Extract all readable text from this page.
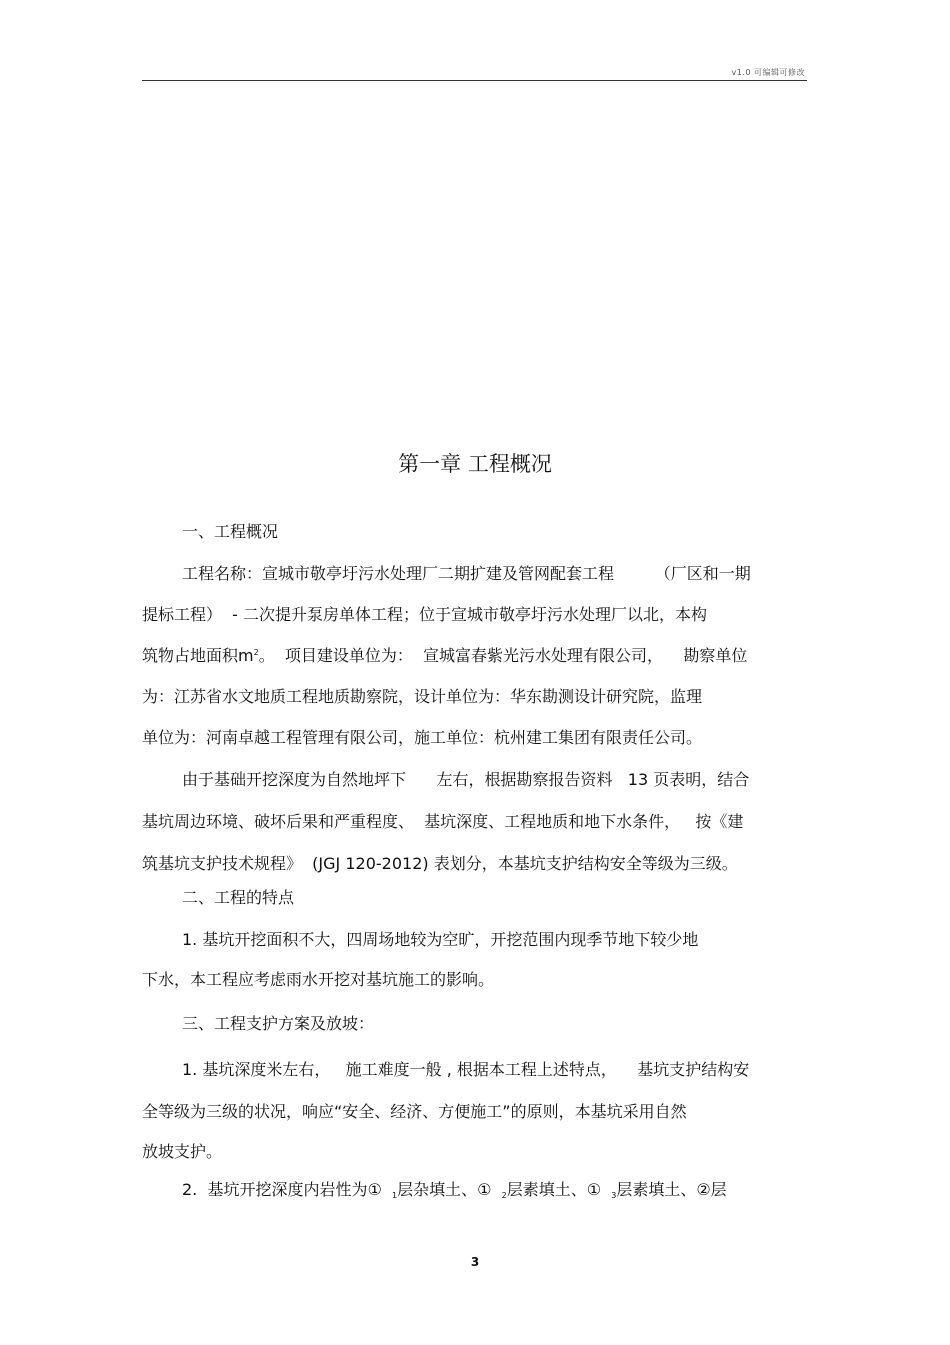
v1.0 可编辑可修改
第一章 工程概况
一、工程概况
工程名称：宣城市敬亭圩污水处理厂二期扩建及管网配套工程        （厂区和一期
提标工程）  - 二次提升泵房单体工程；位于宣城市敬亭圩污水处理厂以北，本构
筑物占地面积$m^2$。  项目建设单位为：  宣城富春紫光污水处理有限公司，    勘察单位
为：江苏省水文地质工程地质勘察院，设计单位为：华东勘测设计研究院，监理
单位为：河南卓越工程管理有限公司，施工单位：杭州建工集团有限责任公司。
由于基础开挖深度为自然地坪下      左右，根据勘察报告资料   13 页表明，结合
基坑周边环境、破坏后果和严重程度、  基坑深度、工程地质和地下水条件，   按《建
筑基坑支护技术规程》  (JGJ 120-2012) 表划分，本基坑支护结构安全等级为三级。
二、工程的特点
1. 基坑开挖面积不大，四周场地较为空旷，开挖范围内现季节地下较少地
下水，本工程应考虑雨水开挖对基坑施工的影响。
三、工程支护方案及放坡：
1. 基坑深度米左右，   施工难度一般 , 根据本工程上述特点，    基坑支护结构安
全等级为三级的状况，响应“安全、经济、方便施工”的原则，本基坑采用自然
放坡支护。
2.  基坑开挖深度内岩性为①  $_1$层杂填土、①  $_2$层素填土、①  $_3$层素填土、②层
3
